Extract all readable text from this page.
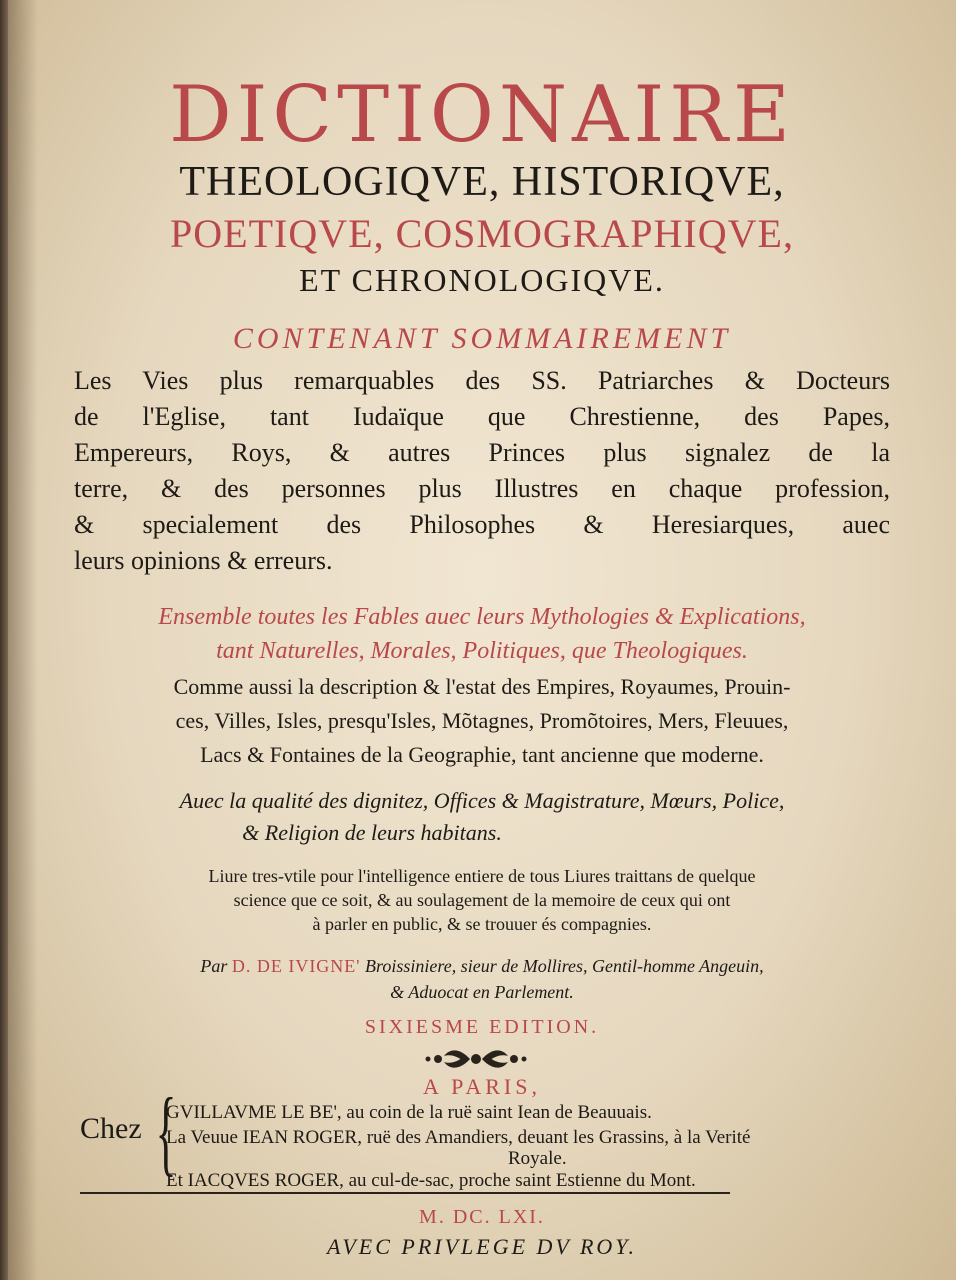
DICTIONAIRE
THEOLOGIQVE, HISTORIQVE,
POETIQVE, COSMOGRAPHIQVE,
ET CHRONOLOGIQVE.
CONTENANT SOMMAIREMENT
Les Vies plus remarquables des SS. Patriarches & Docteurs
de l'Eglise, tant Iudaïque que Chrestienne, des Papes,
Empereurs, Roys, & autres Princes plus signalez de la
terre, & des personnes plus Illustres en chaque profession,
& specialement des Philosophes & Heresiarques, auec
leurs opinions & erreurs.
Ensemble toutes les Fables auec leurs Mythologies & Explications,
tant Naturelles, Morales, Politiques, que Theologiques.
Comme aussi la description & l'estat des Empires, Royaumes, Prouin-
ces, Villes, Isles, presqu'Isles, Mõtagnes, Promõtoires, Mers, Fleuues,
Lacs & Fontaines de la Geographie, tant ancienne que moderne.
Auec la qualité des dignitez, Offices & Magistrature, Mœurs, Police,
& Religion de leurs habitans.
Liure tres-vtile pour l'intelligence entiere de tous Liures traittans de quelque
science que ce soit, & au soulagement de la memoire de ceux qui ont
à parler en public, & se trouuer és compagnies.
Par D. DE IVIGNE' Broissiniere, sieur de Mollires, Gentil-homme Angeuin,
& Aduocat en Parlement.
SIXIESME EDITION.
A PARIS,
Chez {
GVILLAVME LE BE', au coin de la ruë saint Iean de Beauuais.
La Veuue IEAN ROGER, ruë des Amandiers, deuant les Grassins, à la Verité
Royale.
Et IACQVES ROGER, au cul-de-sac, proche saint Estienne du Mont.
M. DC. LXI.
AVEC PRIVLEGE DV ROY.
